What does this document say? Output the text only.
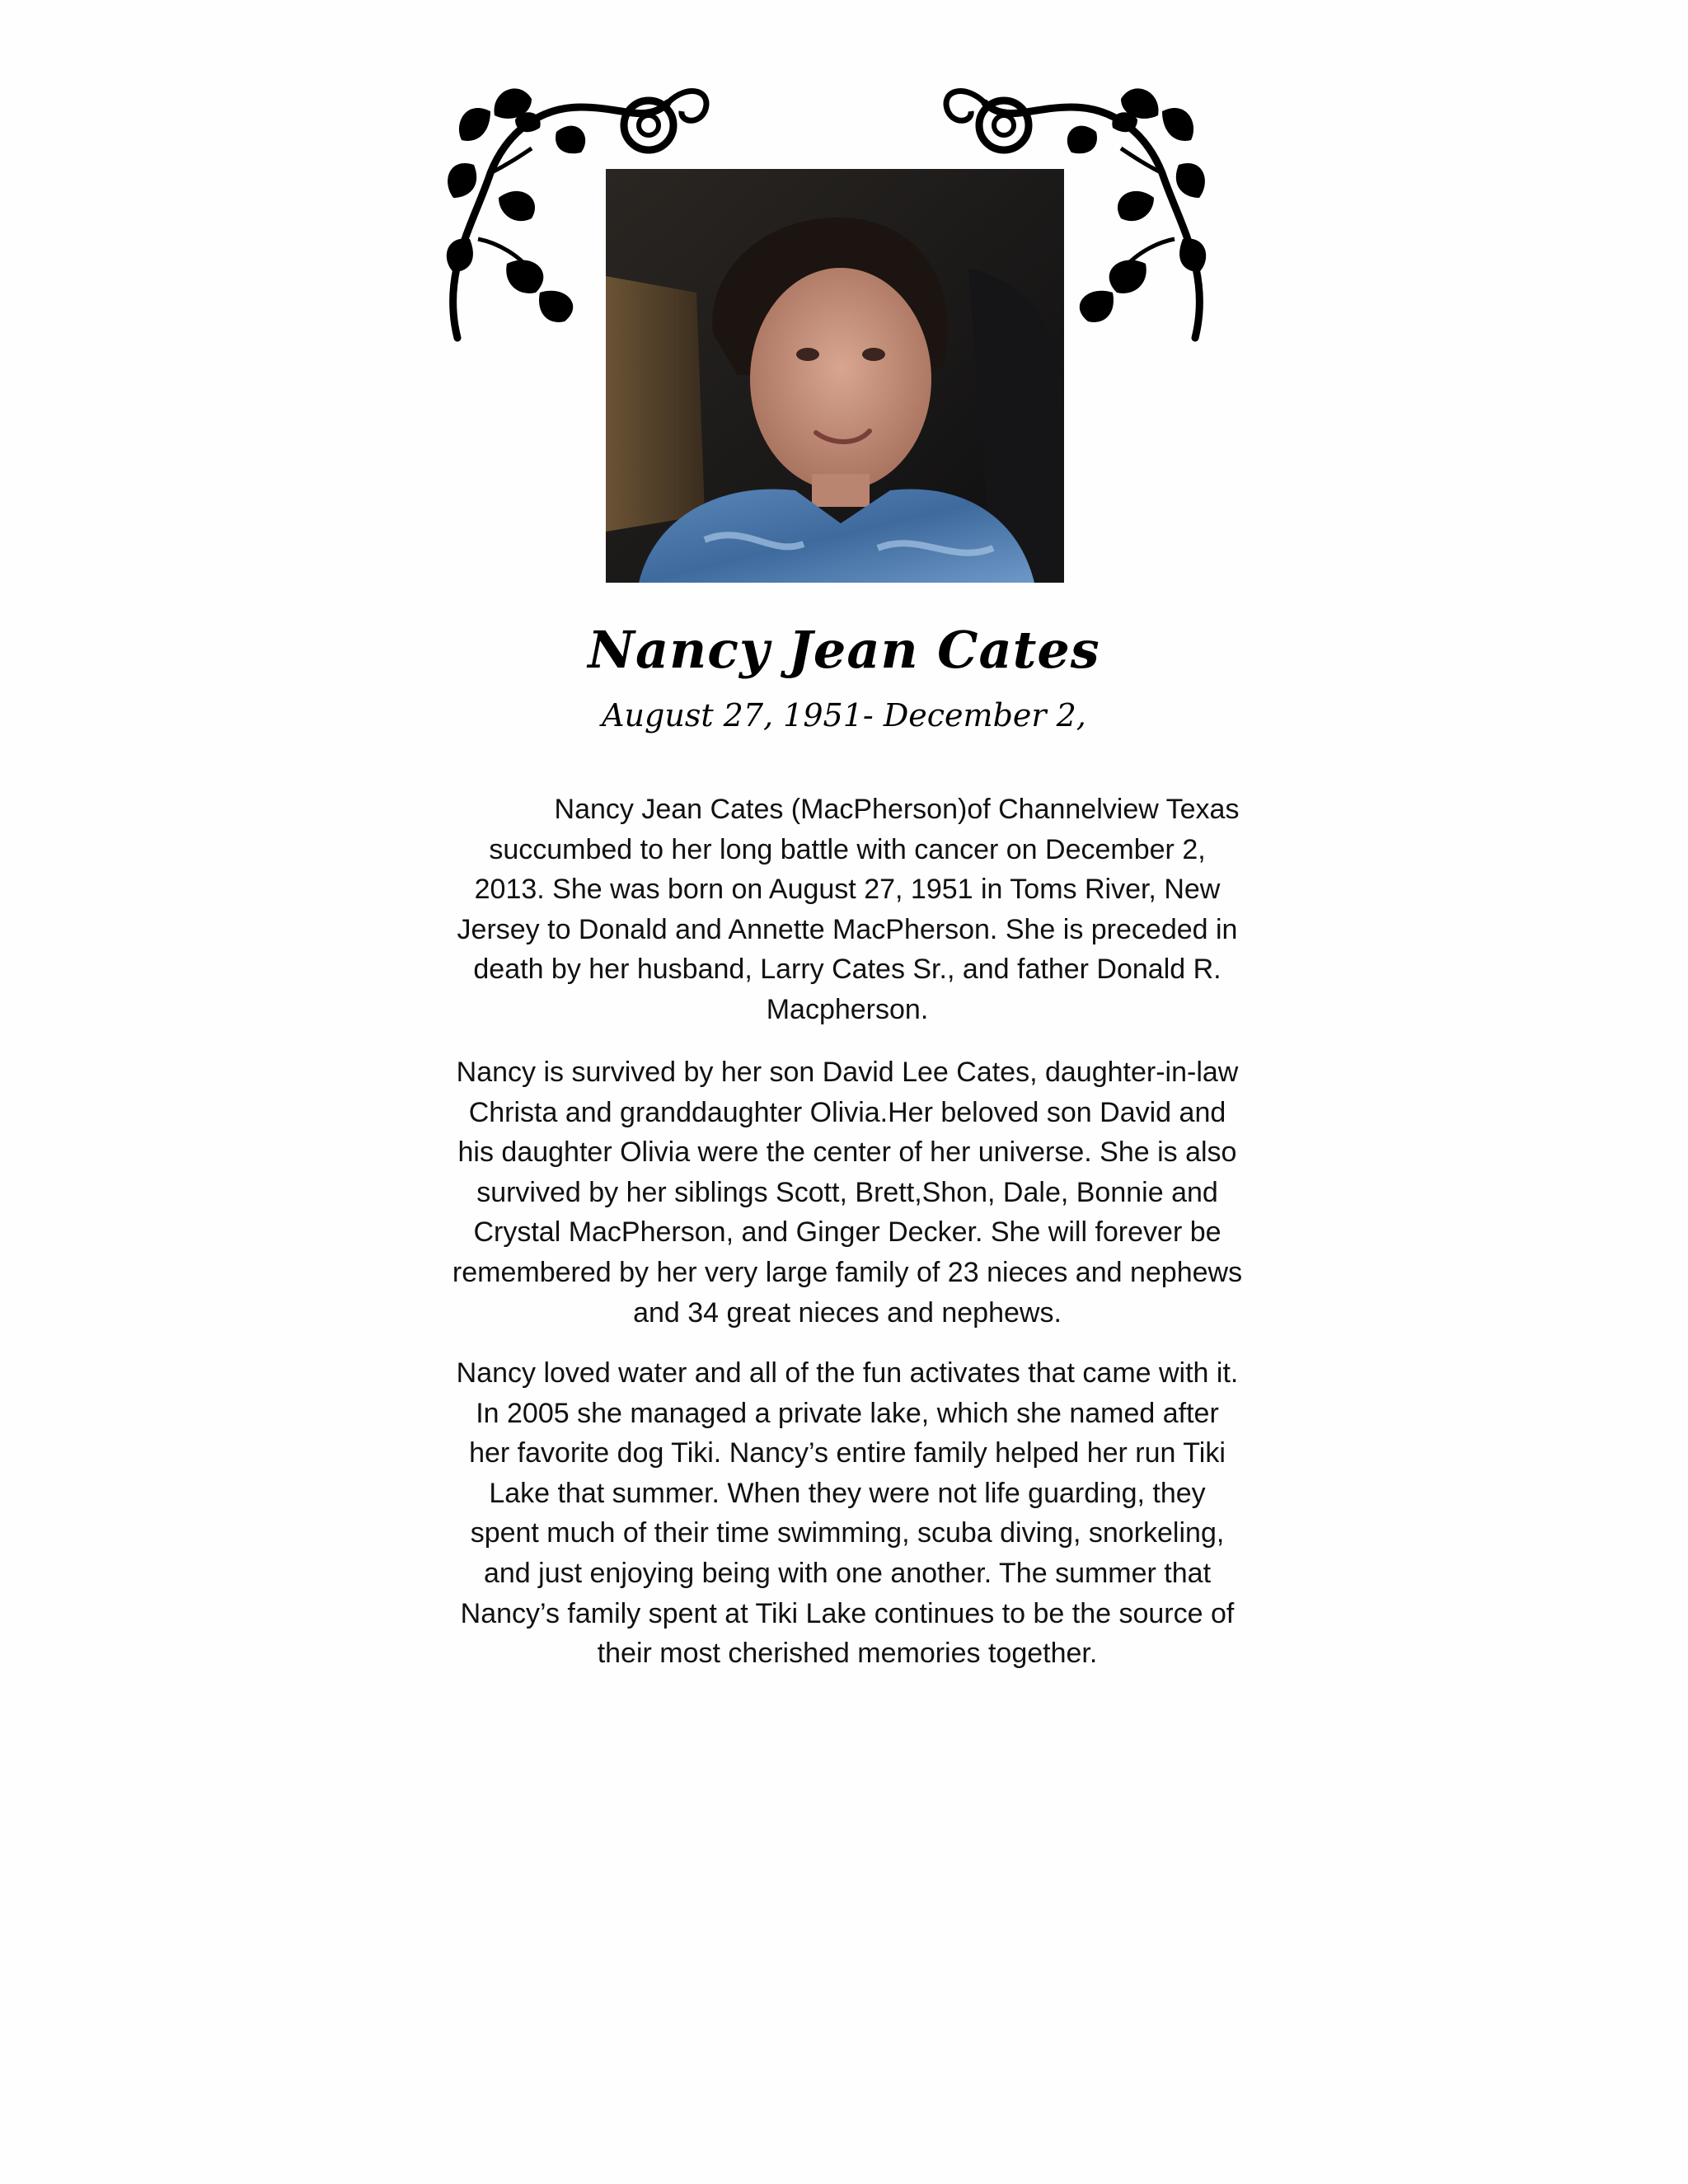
Nancy Jean Cates
August 27, 1951- December 2,
Nancy Jean Cates (MacPherson)of Channelview Texas succumbed to her long battle with cancer on December 2, 2013. She was born on August 27, 1951 in Toms River, New Jersey to Donald and Annette MacPherson. She is preceded in death by her husband, Larry Cates Sr., and father Donald R. Macpherson.
Nancy is survived by her son David Lee Cates, daughter-in-law Christa and granddaughter Olivia.Her beloved son David and his daughter Olivia were the center of her universe. She is also survived by her siblings Scott, Brett,Shon, Dale, Bonnie and Crystal MacPherson, and Ginger Decker. She will forever be remembered by her very large family of 23 nieces and nephews and 34 great nieces and nephews.
Nancy loved water and all of the fun activates that came with it. In 2005 she managed a private lake, which she named after her favorite dog Tiki. Nancy’s entire family helped her run Tiki Lake that summer. When they were not life guarding, they spent much of their time swimming, scuba diving, snorkeling, and just enjoying being with one another. The summer that Nancy’s family spent at Tiki Lake continues to be the source of their most cherished memories together.
